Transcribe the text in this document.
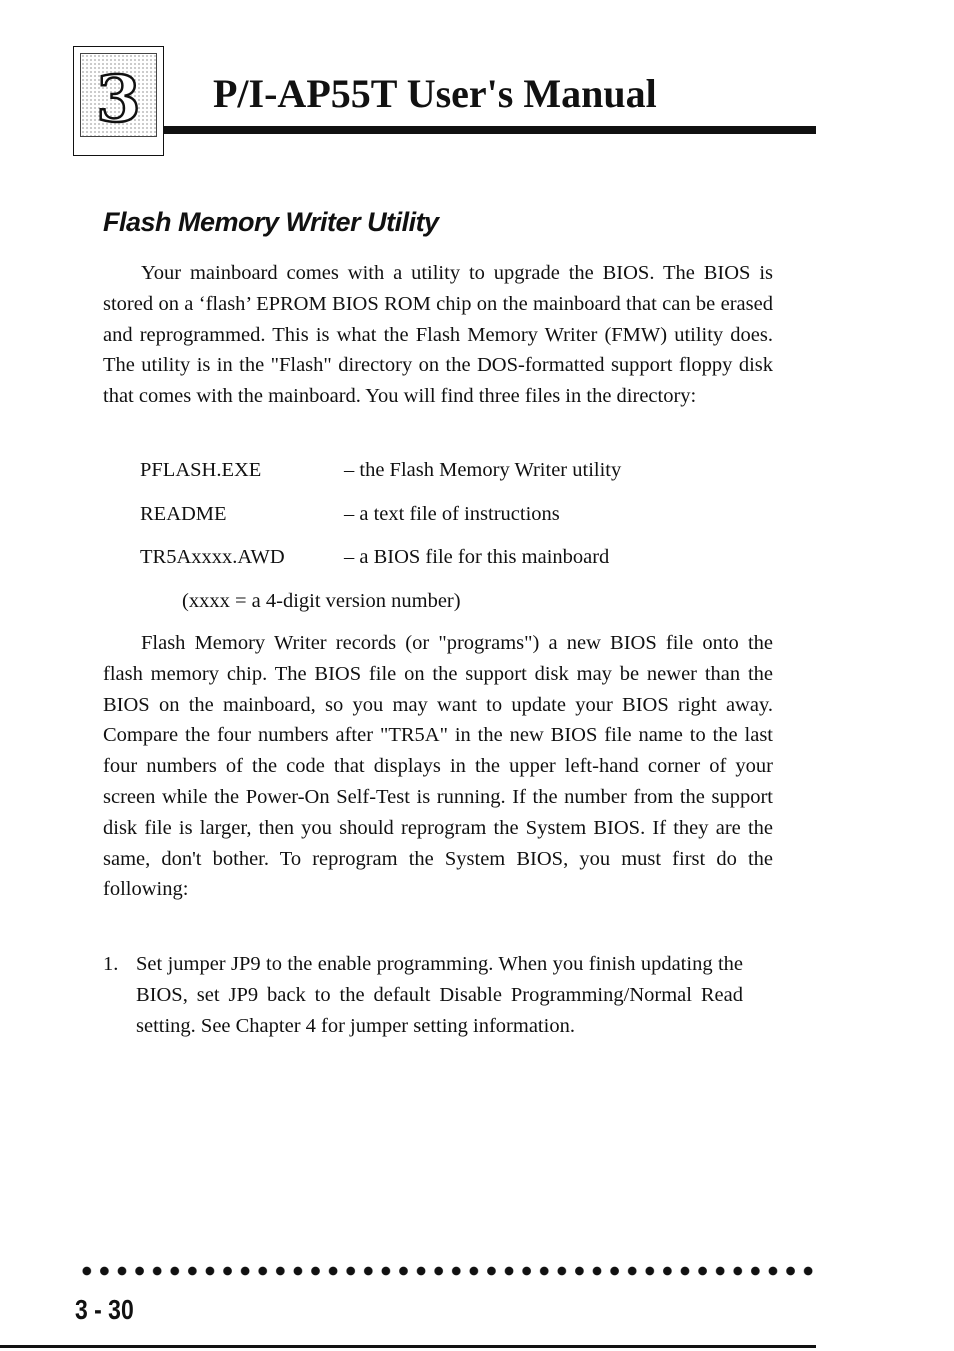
3	P/I-AP55T User's Manual
Flash Memory Writer Utility

Your mainboard comes with a utility to upgrade the BIOS. The BIOS is stored on a ‘flash’ EPROM BIOS ROM chip on the mainboard that can be erased and reprogrammed. This is what the Flash Memory Writer (FMW) utility does. The utility is in the "Flash" directory on the DOS-formatted support floppy disk that comes with the mainboard. You will find three files in the directory:

PFLASH.EXE	– the Flash Memory Writer utility
README	– a text file of instructions
TR5Axxxx.AWD	– a BIOS file for this mainboard
(xxxx = a 4-digit version number)

Flash Memory Writer records (or "programs") a new BIOS file onto the flash memory chip. The BIOS file on the support disk may be newer than the BIOS on the mainboard, so you may want to update your BIOS right away. Compare the four numbers after "TR5A" in the new BIOS file name to the last four numbers of the code that displays in the upper left-hand corner of your screen while the Power-On Self-Test is running. If the number from the support disk file is larger, then you should reprogram the System BIOS. If they are the same, don't bother. To reprogram the System BIOS, you must first do the following:

1. Set jumper JP9 to the enable programming. When you finish updating the BIOS, set JP9 back to the default Disable Programming/Normal Read setting. See Chapter 4 for jumper setting information.
3 - 30
